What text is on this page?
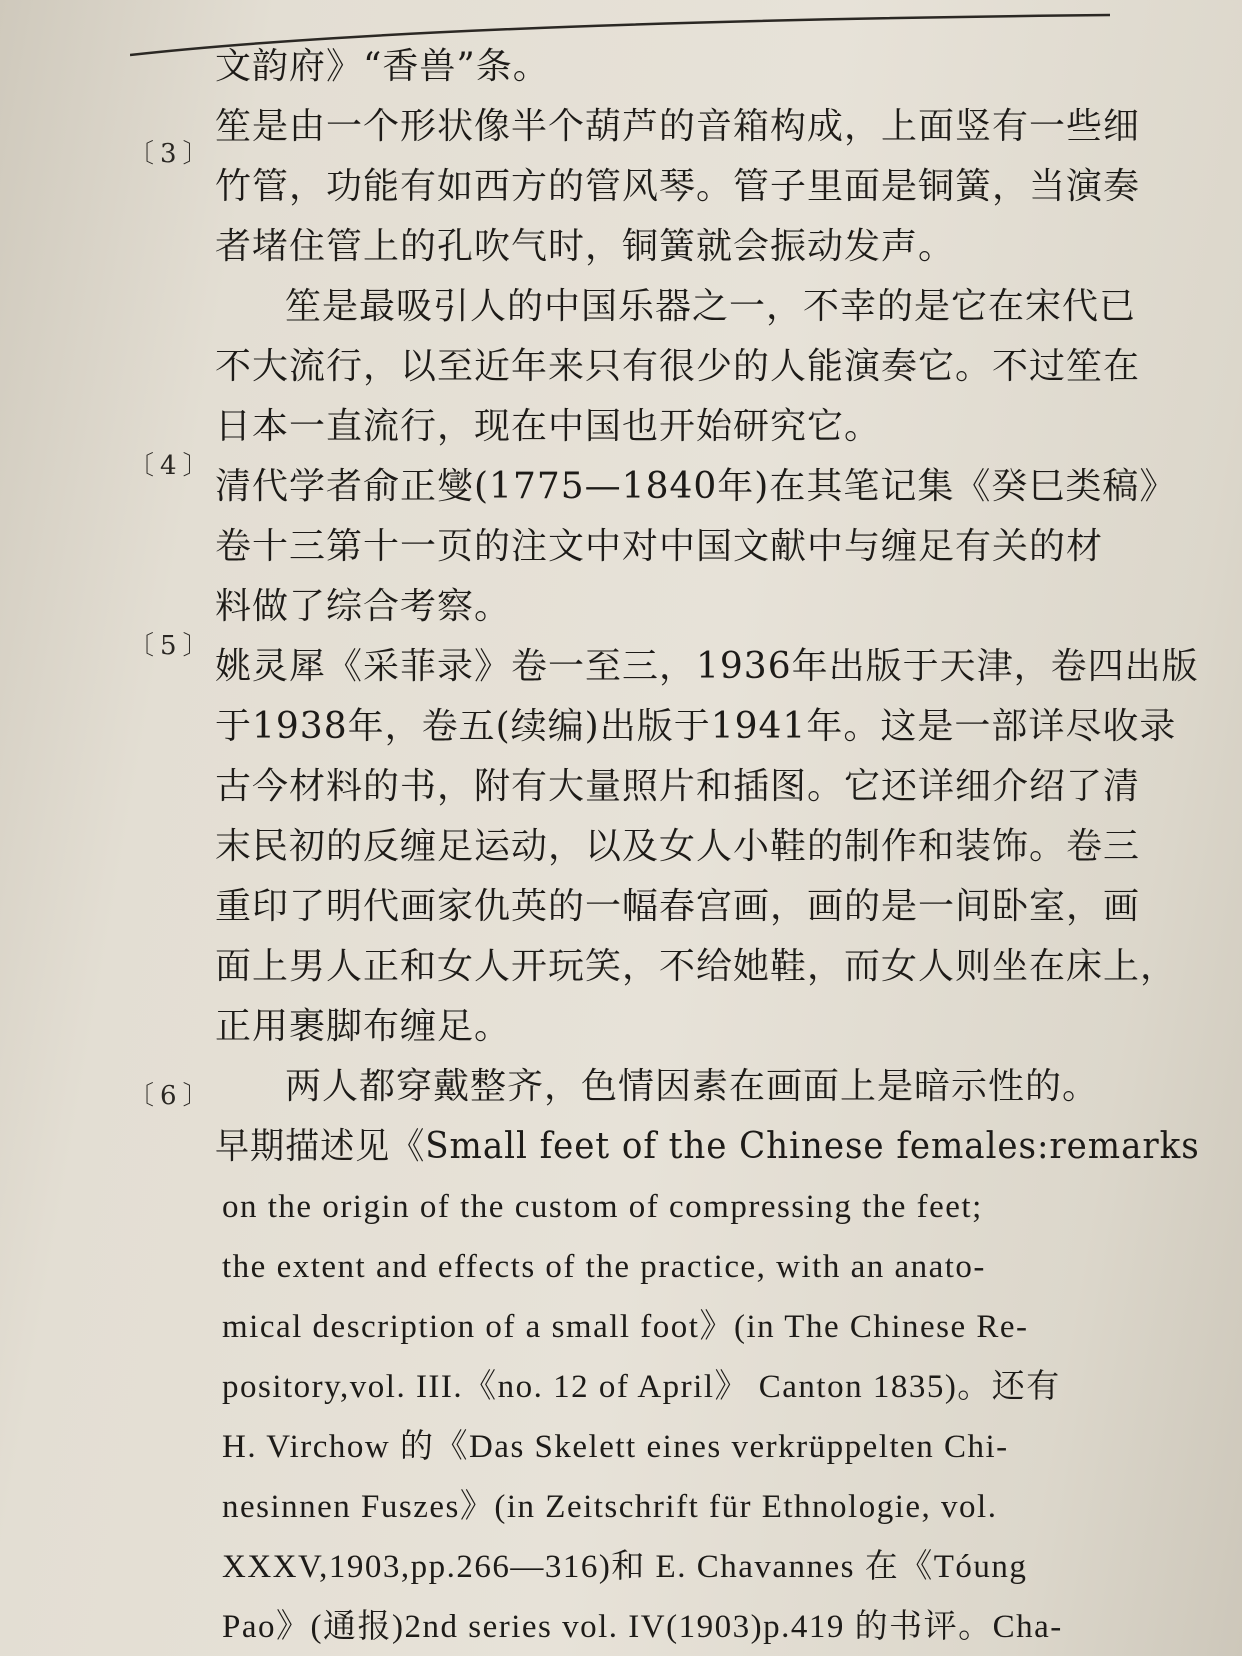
〔3〕
〔4〕
〔5〕
〔6〕
文韵府》“香兽”条。
笙是由一个形状像半个葫芦的音箱构成，上面竖有一些细
竹管，功能有如西方的管风琴。管子里面是铜簧，当演奏
者堵住管上的孔吹气时，铜簧就会振动发声。
笙是最吸引人的中国乐器之一，不幸的是它在宋代已
不大流行，以至近年来只有很少的人能演奏它。不过笙在
日本一直流行，现在中国也开始研究它。
清代学者俞正燮(1775—1840年)在其笔记集《癸巳类稿》
卷十三第十一页的注文中对中国文献中与缠足有关的材
料做了综合考察。
姚灵犀《采菲录》卷一至三，1936年出版于天津，卷四出版
于1938年，卷五(续编)出版于1941年。这是一部详尽收录
古今材料的书，附有大量照片和插图。它还详细介绍了清
末民初的反缠足运动，以及女人小鞋的制作和装饰。卷三
重印了明代画家仇英的一幅春宫画，画的是一间卧室，画
面上男人正和女人开玩笑，不给她鞋，而女人则坐在床上，
正用裹脚布缠足。
两人都穿戴整齐，色情因素在画面上是暗示性的。
早期描述见《Small feet of the Chinese females:remarks
on the origin of the custom of compressing the feet;
the extent and effects of the practice, with an anato-
mical description of a small foot》(in The Chinese Re-
pository,vol. III.《no. 12 of April》 Canton 1835)。还有
H. Virchow 的《Das Skelett eines verkrüppelten Chi-
nesinnen Fuszes》(in Zeitschrift für Ethnologie, vol.
XXXV,1903,pp.266—316)和 E. Chavannes 在《Tóung
Pao》(通报)2nd series vol. IV(1903)p.419 的书评。Cha-
